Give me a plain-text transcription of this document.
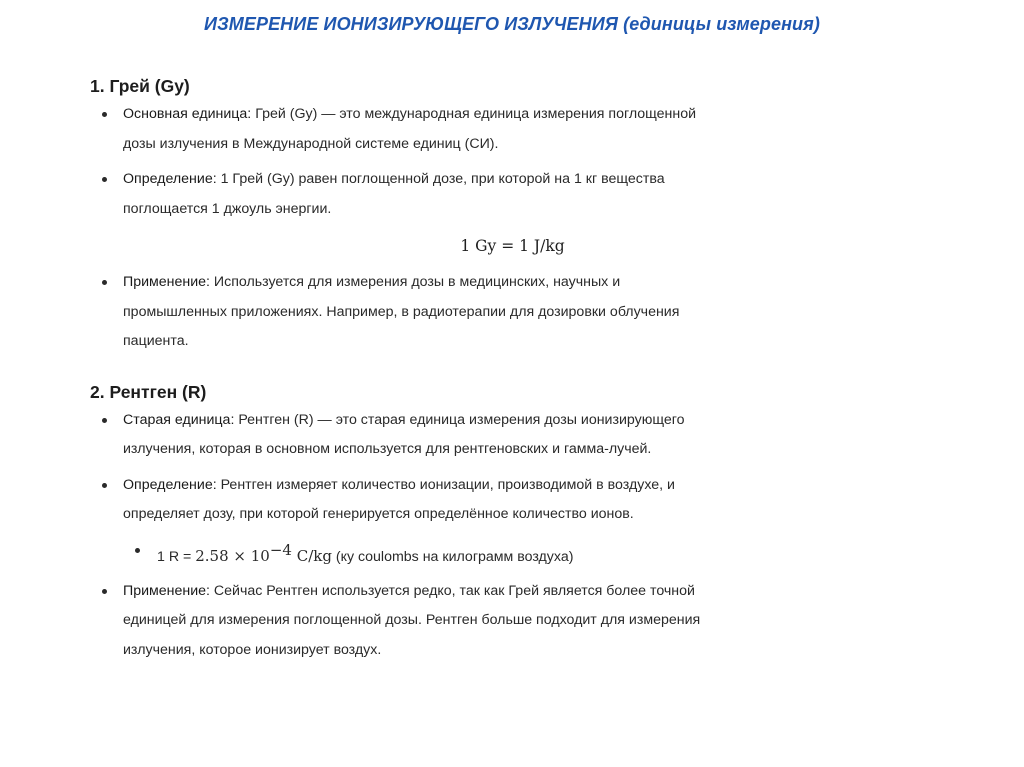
ИЗМЕРЕНИЕ ИОНИЗИРУЮЩЕГО ИЗЛУЧЕНИЯ (единицы измерения)
1. Грей (Gy)
Основная единица: Грей (Gy) — это международная единица измерения поглощенной
дозы излучения в Международной системе единиц (СИ).
Определение: 1 Грей (Gy) равен поглощенной дозе, при которой на 1 кг вещества
поглощается 1 джоуль энергии.
1 Gy = 1 J/kg
Применение: Используется для измерения дозы в медицинских, научных и
промышленных приложениях. Например, в радиотерапии для дозировки облучения
пациента.
2. Рентген (R)
Старая единица: Рентген (R) — это старая единица измерения дозы ионизирующего
излучения, которая в основном используется для рентгеновских и гамма-лучей.
Определение: Рентген измеряет количество ионизации, производимой в воздухе, и
определяет дозу, при которой генерируется определённое количество ионов.
1 $R = 2.58 \times 10^{-4}$ C/kg (ку coulombs на килограмм воздуха)
Применение: Сейчас Рентген используется редко, так как Грей является более точной
единицей для измерения поглощенной дозы. Рентген больше подходит для измерения
излучения, которое ионизирует воздух.
